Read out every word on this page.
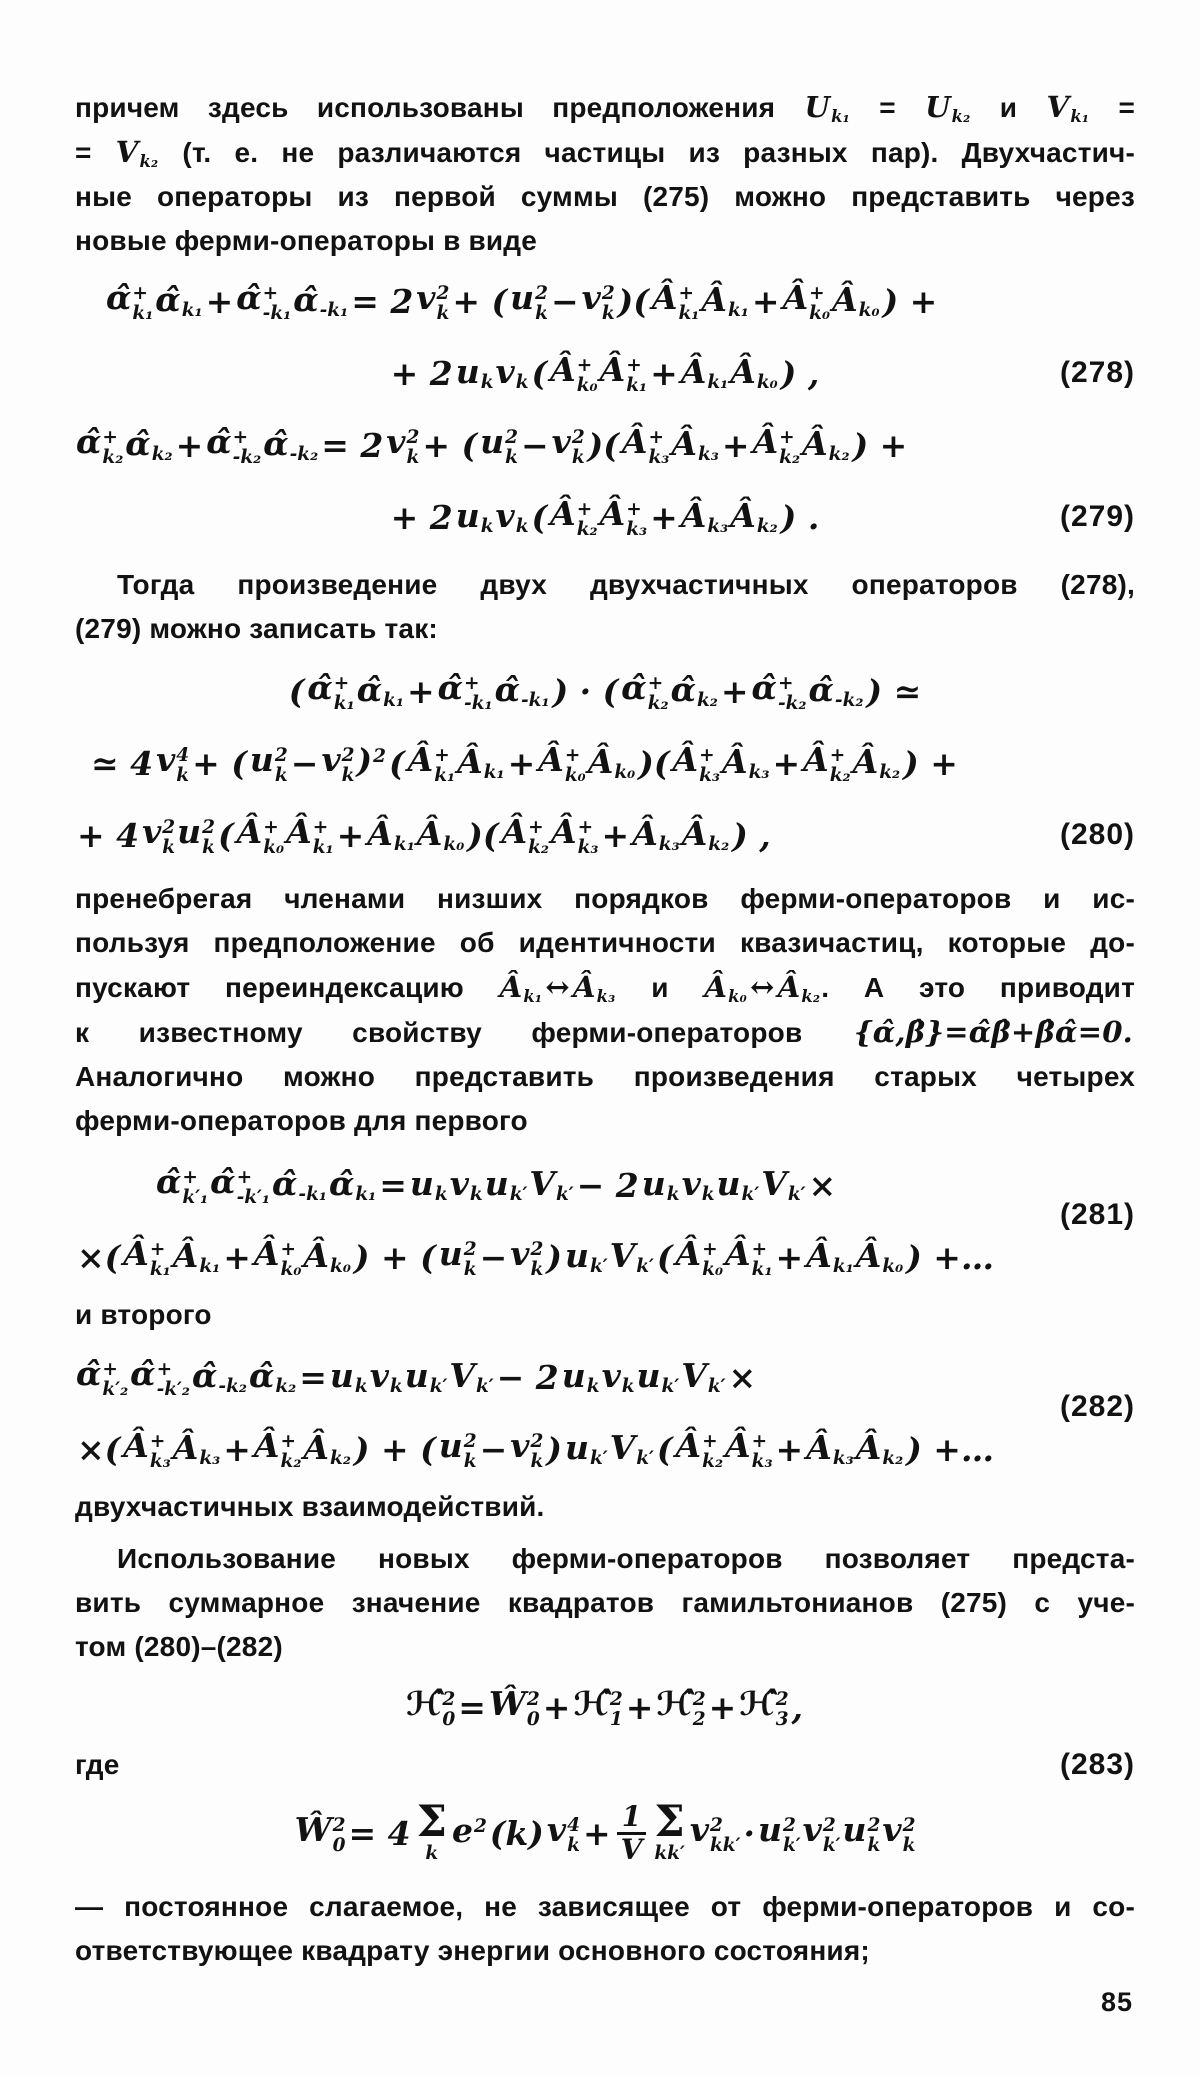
причем здесь использованы предположения U k₁ = U k₂ и V k₁ =
= V k₂ (т. е. не различаются частицы из разных пар). Двухчастич-
ные операторы из первой суммы (275) можно представить через
новые ферми-операторы в виде
α̂ +
k₁ α̂ k₁ + α̂ +
-k₁ α̂ -k₁ = 2 v 2
k + ( u 2
k − v 2
k )( Â +
k₁ Â k₁ + Â +
k₀ Â k₀ ) +
+ 2 u k v k ( Â +
k₀ Â +
k₁ + Â k₁ Â k₀ ) ,	(278)
α̂ +
k₂ α̂ k₂ + α̂ +
-k₂ α̂ -k₂ = 2 v 2
k + ( u 2
k − v 2
k )( Â +
k₃ Â k₃ + Â +
k₂ Â k₂ ) +
+ 2 u k v k ( Â +
k₂ Â +
k₃ + Â k₃ Â k₂ ) .	(279)
Тогда произведение двух двухчастичных операторов (278),
(279) можно записать так:
( α̂ +
k₁ α̂ k₁ + α̂ +
-k₁ α̂ -k₁ ) · ( α̂ +
k₂ α̂ k₂ + α̂ +
-k₂ α̂ -k₂ ) ≃
≃ 4 v 4
k + ( u 2
k − v 2
k ) 2 ( Â +
k₁ Â k₁ + Â +
k₀ Â k₀ )( Â +
k₃ Â k₃ + Â +
k₂ Â k₂ ) +
+ 4 v 2
k u 2
k ( Â +
k₀ Â +
k₁ + Â k₁ Â k₀ )( Â +
k₂ Â +
k₃ + Â k₃ Â k₂ ) ,	(280)
пренебрегая членами низших порядков ферми-операторов и ис-
пользуя предположение об идентичности квазичастиц, которые до-
пускают переиндексацию Â k₁ ↔ Â k₃ и Â k₀ ↔ Â k₂ . А это приводит
к известному свойству ферми-операторов {α̂,β̂}=α̂β̂+β̂α̂=0.
Аналогично можно представить произведения старых четырех
ферми-операторов для первого
α̂ +
k′₁ α̂ +
-k′₁ α̂ -k₁ α̂ k₁ = u k v k u k′ V k′ − 2 u k v k u k′ V k′ ×
(281)
×( Â +
k₁ Â k₁ + Â +
k₀ Â k₀ ) + ( u 2
k − v 2
k ) u k′ V k′ ( Â +
k₀ Â +
k₁ + Â k₁ Â k₀ ) +…
и второго
α̂ +
k′₂ α̂ +
-k′₂ α̂ -k₂ α̂ k₂ = u k v k u k′ V k′ − 2 u k v k u k′ V k′ ×
(282)
×( Â +
k₃ Â k₃ + Â +
k₂ Â k₂ ) + ( u 2
k − v 2
k ) u k′ V k′ ( Â +
k₂ Â +
k₃ + Â k₃ Â k₂ ) +…
двухчастичных взаимодействий.
Использование новых ферми-операторов позволяет предста-
вить суммарное значение квадратов гамильтонианов (275) с уче-
том (280)–(282)
ℋ̂ 2
0 = Ŵ 2
0 + ℋ̂ 2
1 + ℋ̂ 2
2 + ℋ̂ 2
3 ,
где	(283)
Ŵ 2
0 = 4 Σ
k
e 2 (k) v 4
$k + \frac{1}{V}$ Σ
kk′
v 2
kk′ · u 2
k′ v 2
k′ u 2
k v 2
k
— постоянное слагаемое, не зависящее от ферми-операторов и со-
ответствующее квадрату энергии основного состояния;
85
